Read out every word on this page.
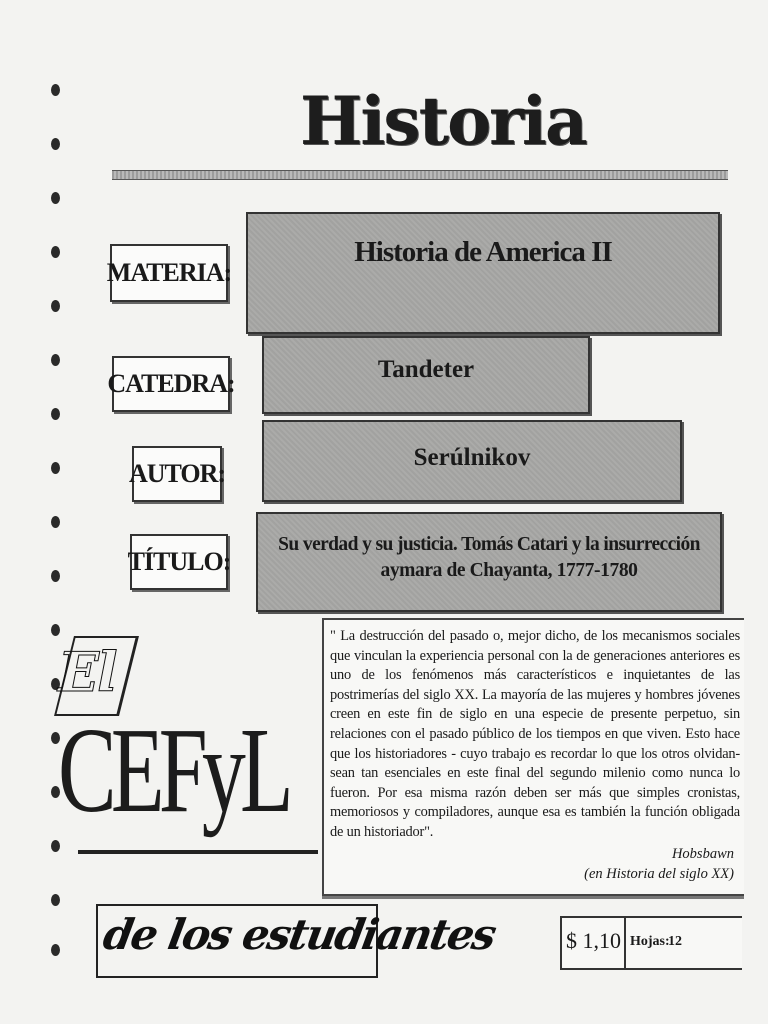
Historia
MATERIA:
Historia de America II
CATEDRA:	Tandeter
AUTOR:
Serúlnikov
TÍTULO:
Su verdad y su justicia. Tomás Catari y la insurrección
aymara de Chayanta, 1777-1780
El
CEFyL
de los estudiantes
" La destrucción del pasado o, mejor dicho, de los mecanismos sociales que vinculan la experiencia personal con la de generaciones anteriores es uno de los fenómenos más característicos e inquietantes de las postrimerías del siglo XX. La mayoría de las mujeres y hombres jóvenes creen en este fin de siglo en una especie de presente perpetuo, sin relaciones con el pasado público de los tiempos en que viven. Esto hace que los historiadores - cuyo trabajo es recordar lo que los otros olvidan-sean tan esenciales en este final del segundo milenio como nunca lo fueron. Por esa misma razón deben ser más que simples cronistas, memoriosos y compiladores, aunque esa es también la función obligada de un historiador".
Hobsbawn
(en Historia del siglo XX)
$ 1,10 Hojas:
12
